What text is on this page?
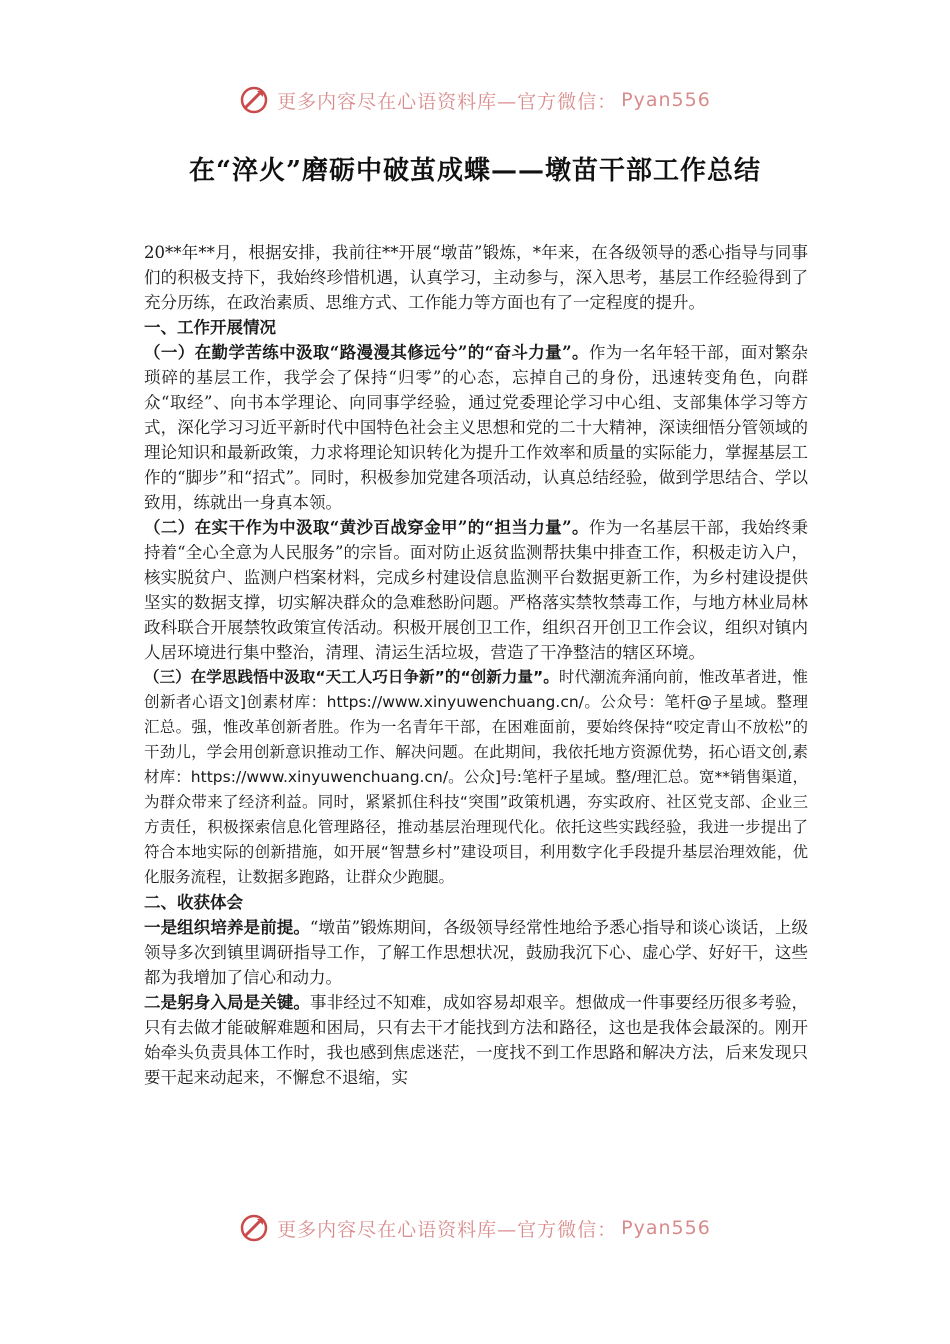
更多内容尽在心语资料库—官方微信： Pyan556
在“淬火”磨砺中破茧成蝶——墩苗干部工作总结

20**年**月，根据安排，我前往**开展“墩苗”锻炼，*年来，在各级领导的悉心指导与同事们的积极支持下，我始终珍惜机遇，认真学习，主动参与，深入思考，基层工作经验得到了充分历练，在政治素质、思维方式、工作能力等方面也有了一定程度的提升。

一、工作开展情况

（一）在勤学苦练中汲取“路漫漫其修远兮”的“奋斗力量”。作为一名年轻干部，面对繁杂琐碎的基层工作，我学会了保持“归零”的心态，忘掉自己的身份，迅速转变角色，向群众“取经”、向书本学理论、向同事学经验，通过党委理论学习中心组、支部集体学习等方式，深化学习习近平新时代中国特色社会主义思想和党的二十大精神，深读细悟分管领域的理论知识和最新政策，力求将理论知识转化为提升工作效率和质量的实际能力，掌握基层工作的“脚步”和“招式”。同时，积极参加党建各项活动，认真总结经验，做到学思结合、学以致用，练就出一身真本领。

（二）在实干作为中汲取“黄沙百战穿金甲”的“担当力量”。作为一名基层干部，我始终秉持着“全心全意为人民服务”的宗旨。面对防止返贫监测帮扶集中排查工作，积极走访入户，核实脱贫户、监测户档案材料，完成乡村建设信息监测平台数据更新工作，为乡村建设提供坚实的数据支撑，切实解决群众的急难愁盼问题。严格落实禁牧禁毒工作，与地方林业局林政科联合开展禁牧政策宣传活动。积极开展创卫工作，组织召开创卫工作会议，组织对镇内人居环境进行集中整治，清理、清运生活垃圾，营造了干净整洁的辖区环境。

（三）在学思践悟中汲取“天工人巧日争新”的“创新力量”。时代潮流奔涌向前，惟改革者进，惟创新者心语文]创素材库：https://www.xinyuwenchuang.cn/。公众号：笔杆@子星域。整理汇总。强，惟改革创新者胜。作为一名青年干部，在困难面前，要始终保持“咬定青山不放松”的干劲儿，学会用创新意识推动工作、解决问题。在此期间，我依托地方资源优势，拓心语文创,素材库：https://www.xinyuwenchuang.cn/。公众]号:笔杆子星域。整/理汇总。宽**销售渠道，为群众带来了经济利益。同时，紧紧抓住科技“突围”政策机遇，夯实政府、社区党支部、企业三方责任，积极探索信息化管理路径，推动基层治理现代化。依托这些实践经验，我进一步提出了符合本地实际的创新措施，如开展“智慧乡村”建设项目，利用数字化手段提升基层治理效能，优化服务流程，让数据多跑路，让群众少跑腿。

二、收获体会

一是组织培养是前提。“墩苗”锻炼期间，各级领导经常性地给予悉心指导和谈心谈话，上级领导多次到镇里调研指导工作，了解工作思想状况，鼓励我沉下心、虚心学、好好干，这些都为我增加了信心和动力。

二是躬身入局是关键。事非经过不知难，成如容易却艰辛。想做成一件事要经历很多考验，只有去做才能破解难题和困局，只有去干才能找到方法和路径，这也是我体会最深的。刚开始牵头负责具体工作时，我也感到焦虑迷茫，一度找不到工作思路和解决方法，后来发现只要干起来动起来，不懈怠不退缩，实

更多内容尽在心语资料库—官方微信： Pyan556
